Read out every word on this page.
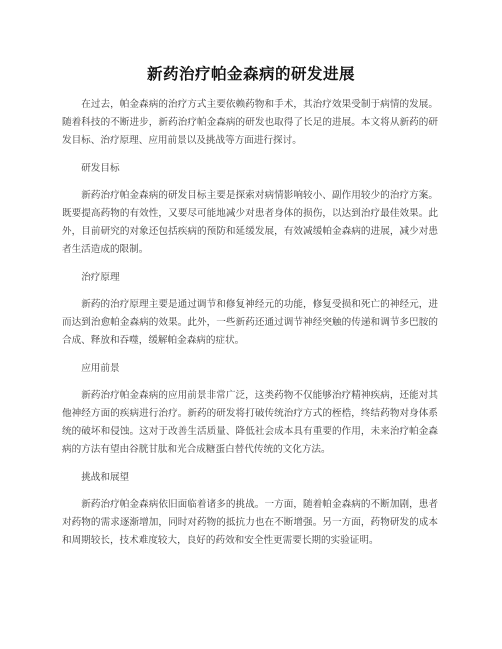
新药治疗帕金森病的研发进展

在过去，帕金森病的治疗方式主要依赖药物和手术，其治疗效果受制于病情的发展。随着科技的不断进步，新药治疗帕金森病的研发也取得了长足的进展。本文将从新药的研发目标、治疗原理、应用前景以及挑战等方面进行探讨。

研发目标

新药治疗帕金森病的研发目标主要是探索对病情影响较小、副作用较少的治疗方案。既要提高药物的有效性，又要尽可能地减少对患者身体的损伤，以达到治疗最佳效果。此外，目前研究的对象还包括疾病的预防和延缓发展，有效减缓帕金森病的进展，减少对患者生活造成的限制。

治疗原理

新药的治疗原理主要是通过调节和修复神经元的功能，修复受损和死亡的神经元，进而达到治愈帕金森病的效果。此外，一些新药还通过调节神经突触的传递和调节多巴胺的合成、释放和吞噬，缓解帕金森病的症状。

应用前景

新药治疗帕金森病的应用前景非常广泛，这类药物不仅能够治疗精神疾病，还能对其他神经方面的疾病进行治疗。新药的研发将打破传统治疗方式的桎梏，终结药物对身体系统的破坏和侵蚀。这对于改善生活质量、降低社会成本具有重要的作用，未来治疗帕金森病的方法有望由谷胱甘肽和光合成糖蛋白替代传统的文化方法。

挑战和展望

新药治疗帕金森病依旧面临着诸多的挑战。一方面，随着帕金森病的不断加剧，患者对药物的需求逐渐增加，同时对药物的抵抗力也在不断增强。另一方面，药物研发的成本和周期较长，技术难度较大，良好的药效和安全性更需要长期的实验证明。
